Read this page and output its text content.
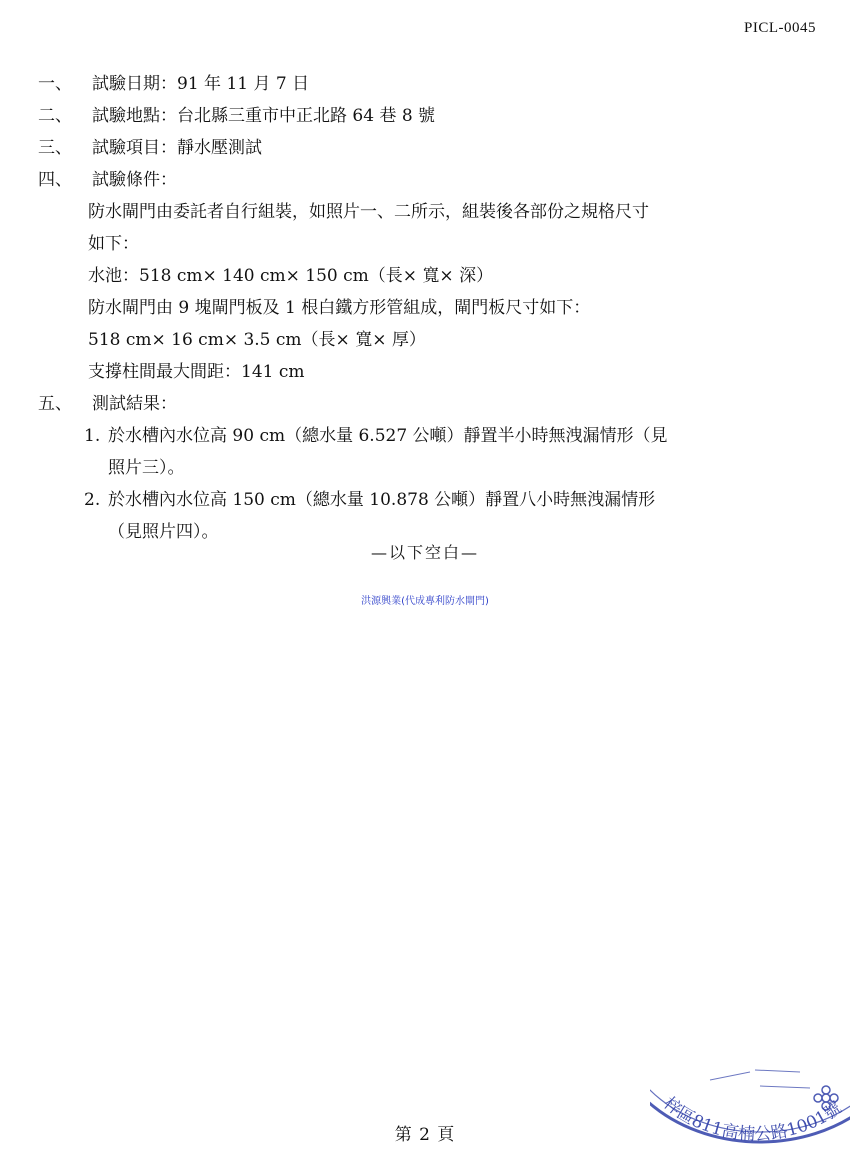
PICL-0045
一、	試驗日期：91 年 11 月 7 日
二、	試驗地點：台北縣三重市中正北路 64 巷 8 號
三、	試驗項目：靜水壓測試
四、	試驗條件：
防水閘門由委託者自行組裝，如照片一、二所示，組裝後各部份之規格尺寸
如下：
水池：518 cm× 140 cm× 150 cm（長× 寬× 深）
防水閘門由 9 塊閘門板及 1 根白鐵方形管組成，閘門板尺寸如下：
518 cm× 16 cm× 3.5 cm（長× 寬× 厚）
支撐柱間最大間距：141 cm
五、	測試結果：
1. 於水槽內水位高 90 cm（總水量 6.527 公噸）靜置半小時無洩漏情形（見
照片三）。
2. 於水槽內水位高 150 cm（總水量 10.878 公噸）靜置八小時無洩漏情形
（見照片四）。
—以下空白—
洪源興業(代成專利防水閘門)
第 2 頁
梓區811高楠公路1001號
